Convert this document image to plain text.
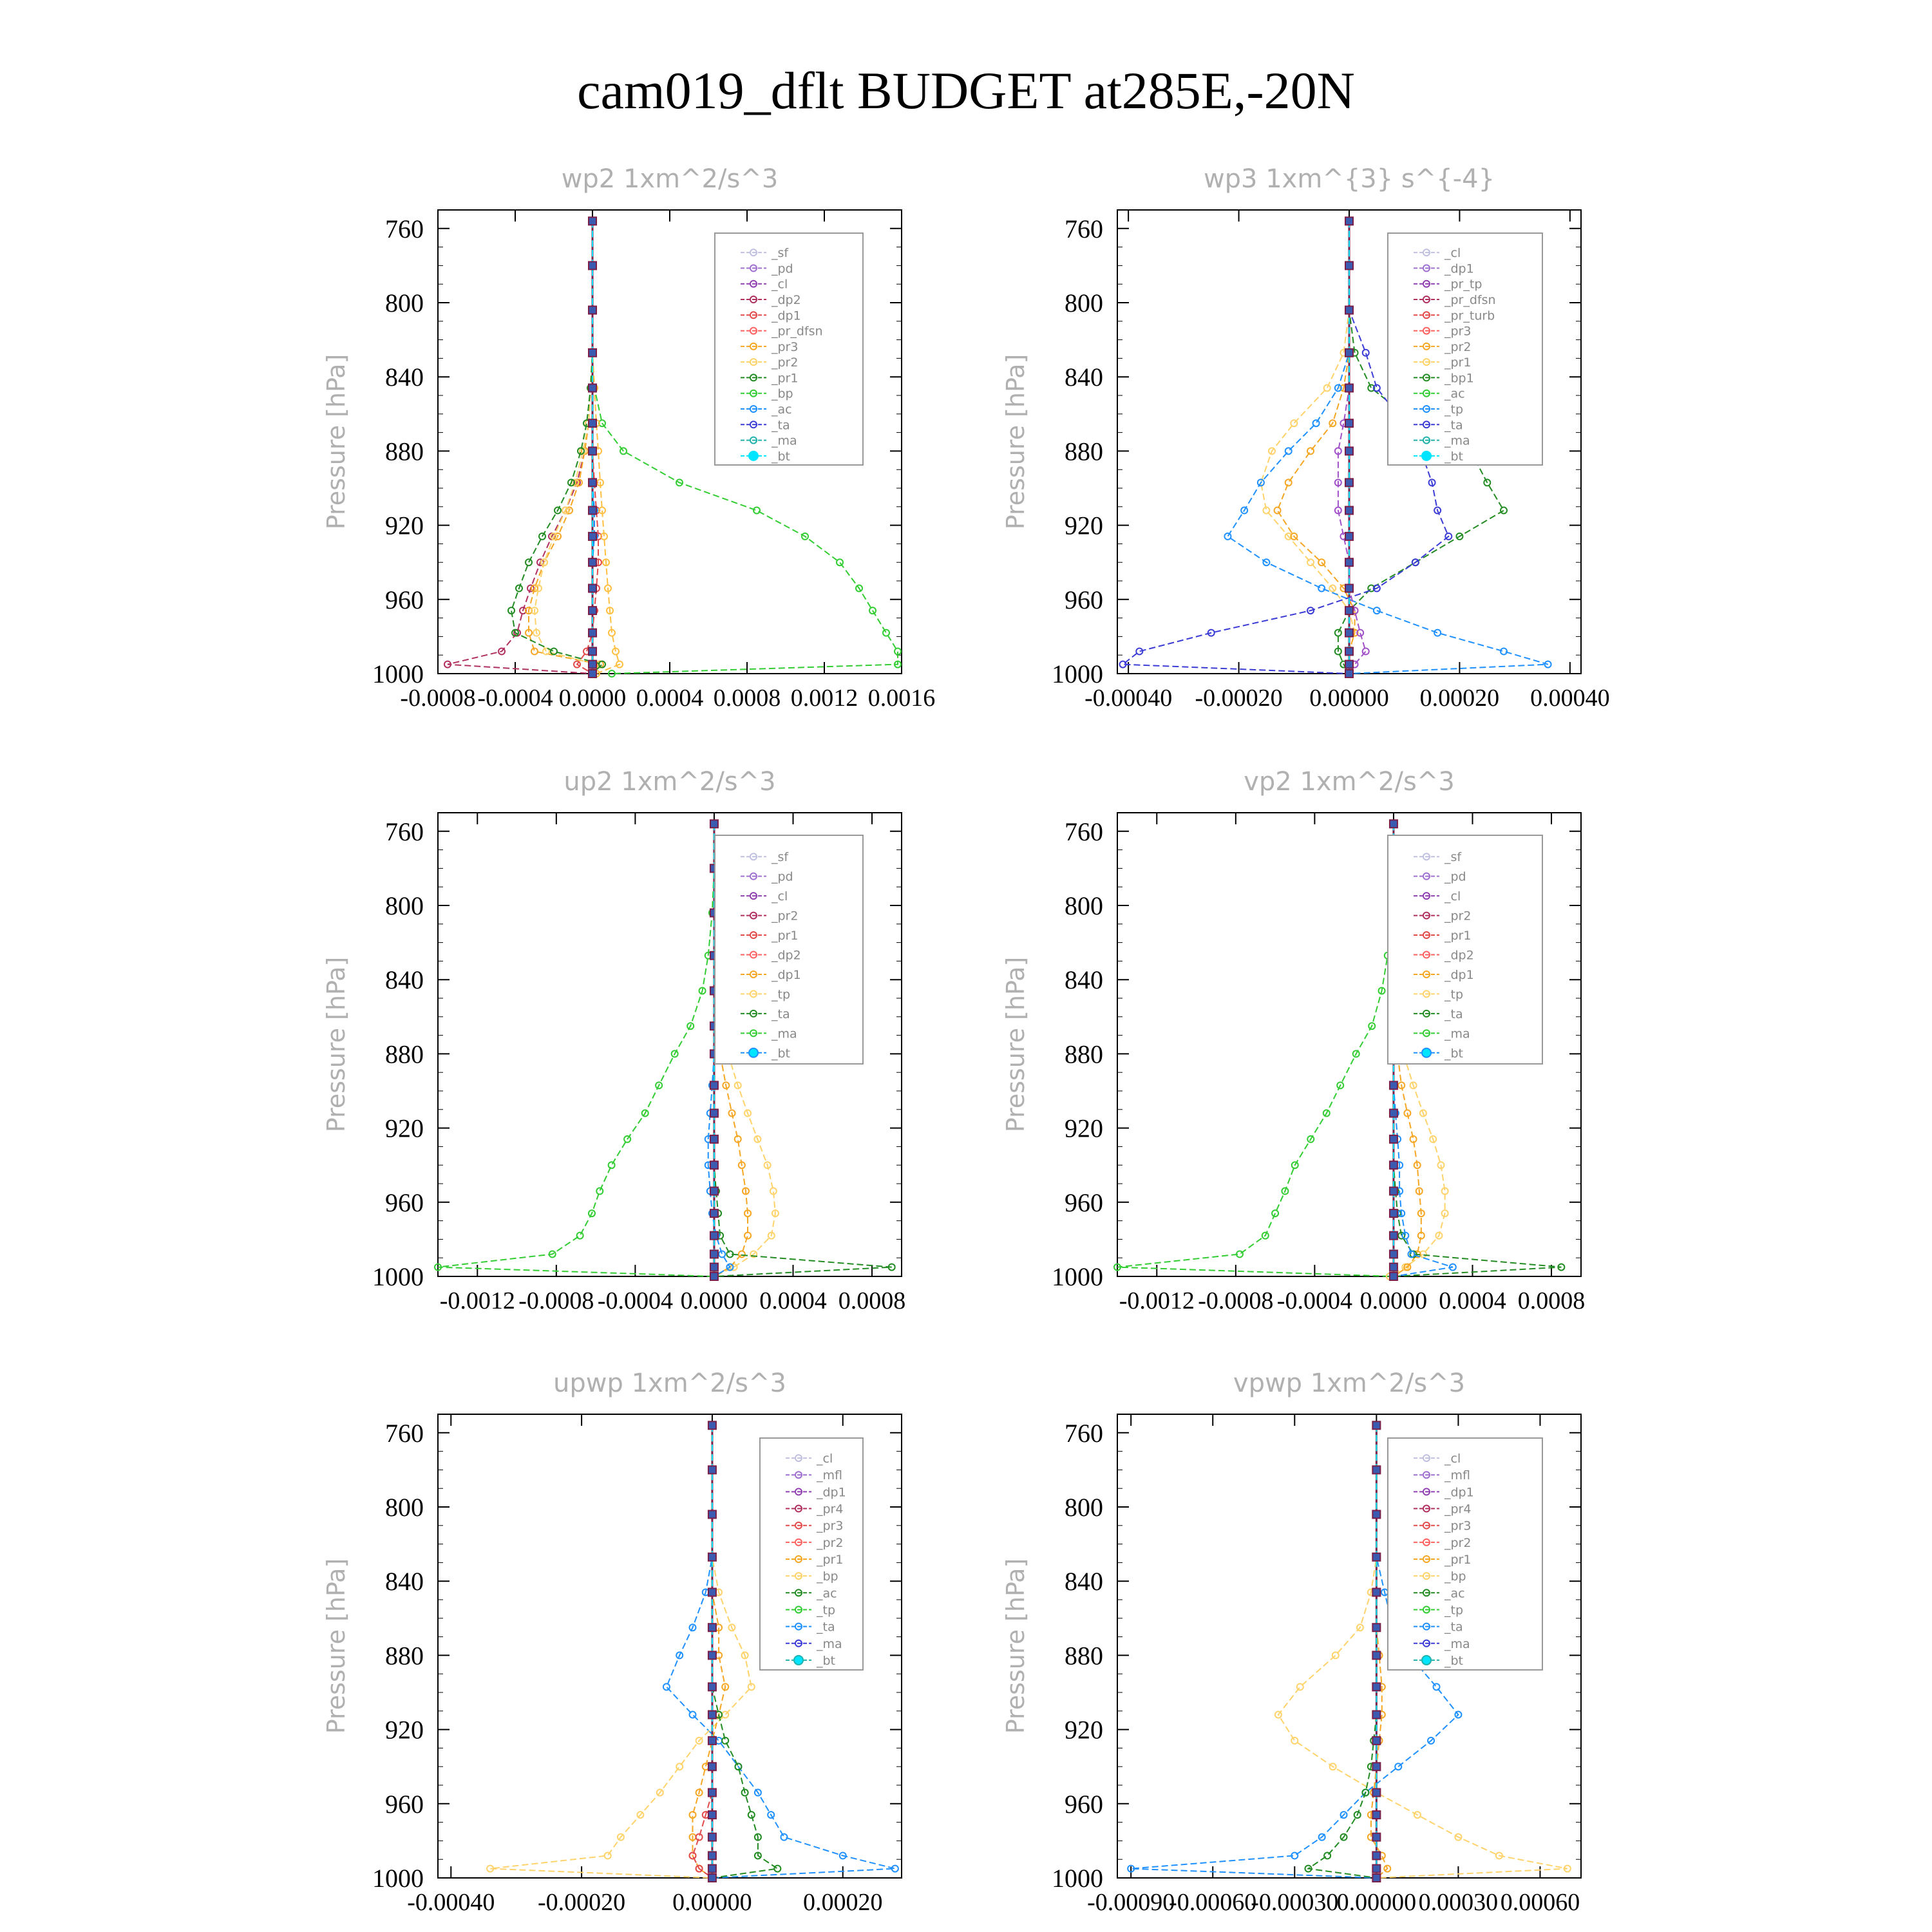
cam019_dflt BUDGET at285E,-20N
wp2 1xm^2/s^3
760
800
840
880
920
960
1000
-0.0008 -0.0004 0.0000 0.0004 0.0008 0.0012 0.0016
Pressure [hPa]
_sf
_pd
_cl
_dp2
_dp1
_pr_dfsn
_pr3
_pr2
_pr1
_bp
_ac
_ta
_ma
_bt
wp3 1xm^{3} s^{-4}
760
800
840
880
920
960
1000
-0.00040 -0.00020 0.00000 0.00020 0.00040
Pressure [hPa]
_cl
_dp1
_pr_tp
_pr_dfsn
_pr_turb
_pr3
_pr2
_pr1
_bp1
_ac
_tp
_ta
_ma
_bt
up2 1xm^2/s^3
760
800
840
880
920
960
1000
-0.0012 -0.0008 -0.0004 0.0000 0.0004 0.0008
Pressure [hPa]
_sf
_pd
_cl
_pr2
_pr1
_dp2
_dp1
_tp
_ta
_ma
_bt
vp2 1xm^2/s^3
760
800
840
880
920
960
1000
-0.0012 -0.0008 -0.0004 0.0000 0.0004 0.0008
Pressure [hPa]
_sf
_pd
_cl
_pr2
_pr1
_dp2
_dp1
_tp
_ta
_ma
_bt
upwp 1xm^2/s^3
760
800
840
880
920
960
1000
-0.00040 -0.00020 0.00000 0.00020
Pressure [hPa]
_cl
_mfl
_dp1
_pr4
_pr3
_pr2
_pr1
_bp
_ac
_tp
_ta
_ma
_bt
vpwp 1xm^2/s^3
760
800
840
880
920
960
1000
-0.00090
-0.00060
-0.00030
0.00000 0.00030 0.00060
Pressure [hPa]
_cl
_mfl
_dp1
_pr4
_pr3
_pr2
_pr1
_bp
_ac
_tp
_ta
_ma
_bt
